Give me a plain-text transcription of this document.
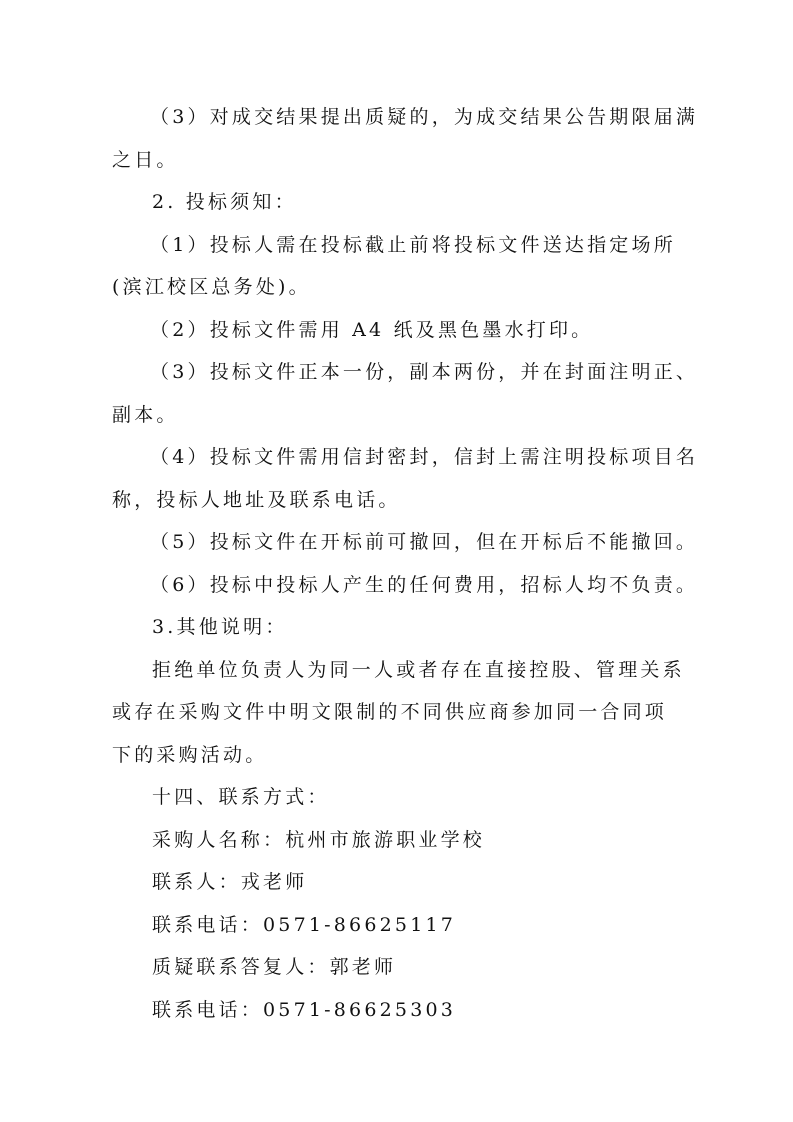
（3）对成交结果提出质疑的，为成交结果公告期限届满
之日。
2. 投标须知：
（1）投标人需在投标截止前将投标文件送达指定场所
(滨江校区总务处)。
（2）投标文件需用 A4 纸及黑色墨水打印。
（3）投标文件正本一份，副本两份，并在封面注明正、
副本。
（4）投标文件需用信封密封，信封上需注明投标项目名
称，投标人地址及联系电话。
（5）投标文件在开标前可撤回，但在开标后不能撤回。
（6）投标中投标人产生的任何费用，招标人均不负责。
3.其他说明：
拒绝单位负责人为同一人或者存在直接控股、管理关系
或存在采购文件中明文限制的不同供应商参加同一合同项
下的采购活动。
十四、联系方式：
采购人名称：杭州市旅游职业学校
联系人：戎老师
联系电话：0571-86625117
质疑联系答复人：郭老师
联系电话：0571-86625303
